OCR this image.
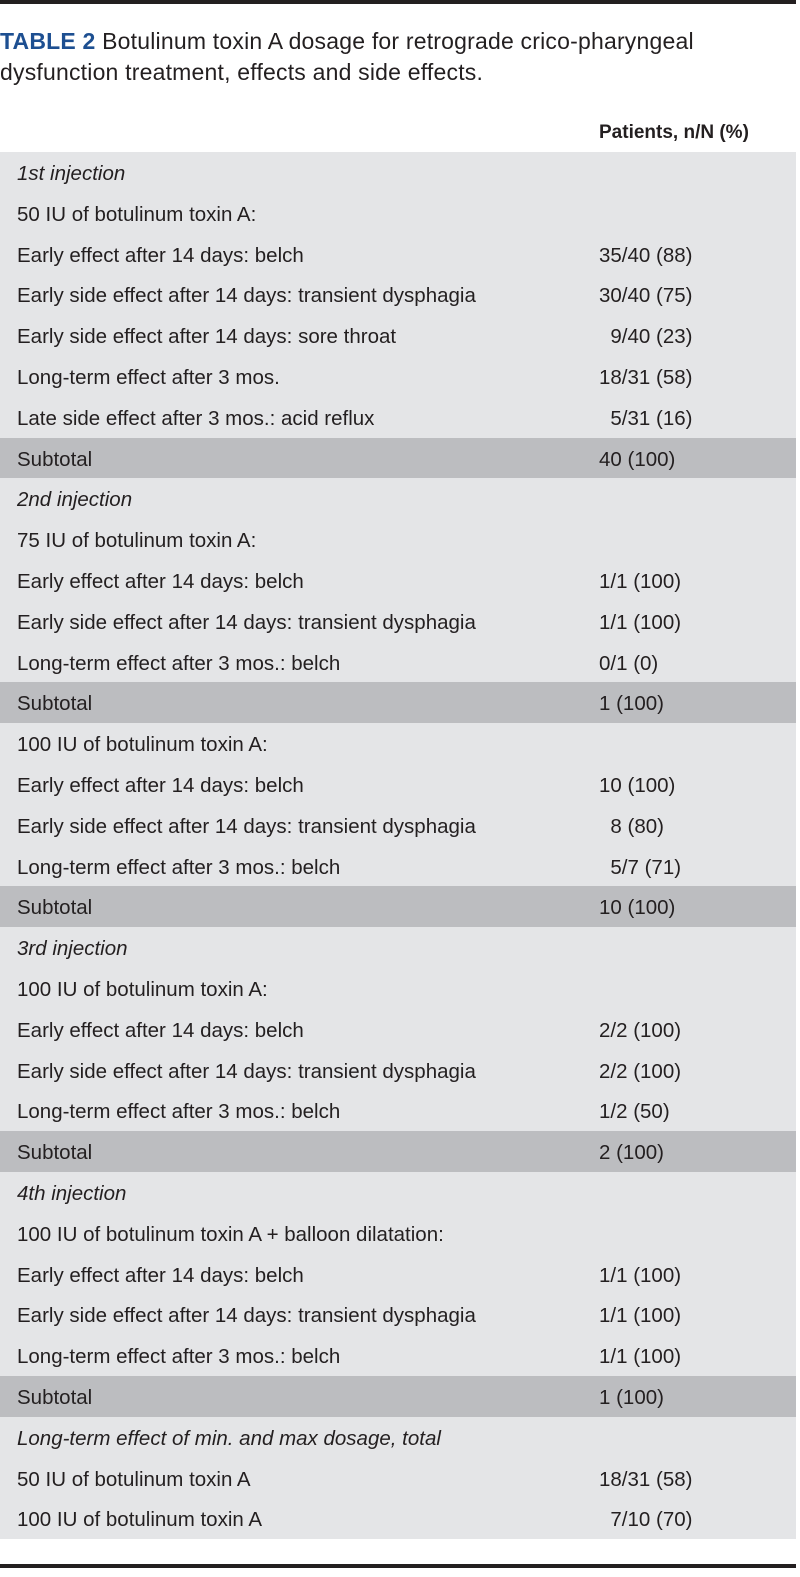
TABLE 2 Botulinum toxin A dosage for retrograde crico-pharyngeal dysfunction treatment, effects and side effects.
Patients, n/N (%)
1st injection
50 IU of botulinum toxin A:
Early effect after 14 days: belch	35/40 (88)
Early side effect after 14 days: transient dysphagia	30/40 (75)
Early side effect after 14 days: sore throat	 9/40 (23)
Long-term effect after 3 mos.	18/31 (58)
Late side effect after 3 mos.: acid reflux	 5/31 (16)
Subtotal	40 (100)
2nd injection
75 IU of botulinum toxin A:
Early effect after 14 days: belch	1/1 (100)
Early side effect after 14 days: transient dysphagia	1/1 (100)
Long-term effect after 3 mos.: belch	0/1 (0)
Subtotal	1 (100)
100 IU of botulinum toxin A:
Early effect after 14 days: belch	10 (100)
Early side effect after 14 days: transient dysphagia	 8 (80)
Long-term effect after 3 mos.: belch	 5/7 (71)
Subtotal	10 (100)
3rd injection
100 IU of botulinum toxin A:
Early effect after 14 days: belch	2/2 (100)
Early side effect after 14 days: transient dysphagia	2/2 (100)
Long-term effect after 3 mos.: belch	1/2 (50)
Subtotal	2 (100)
4th injection
100 IU of botulinum toxin A + balloon dilatation:
Early effect after 14 days: belch	1/1 (100)
Early side effect after 14 days: transient dysphagia	1/1 (100)
Long-term effect after 3 mos.: belch	1/1 (100)
Subtotal	1 (100)
Long-term effect of min. and max dosage, total
50 IU of botulinum toxin A	18/31 (58)
100 IU of botulinum toxin A	 7/10 (70)
